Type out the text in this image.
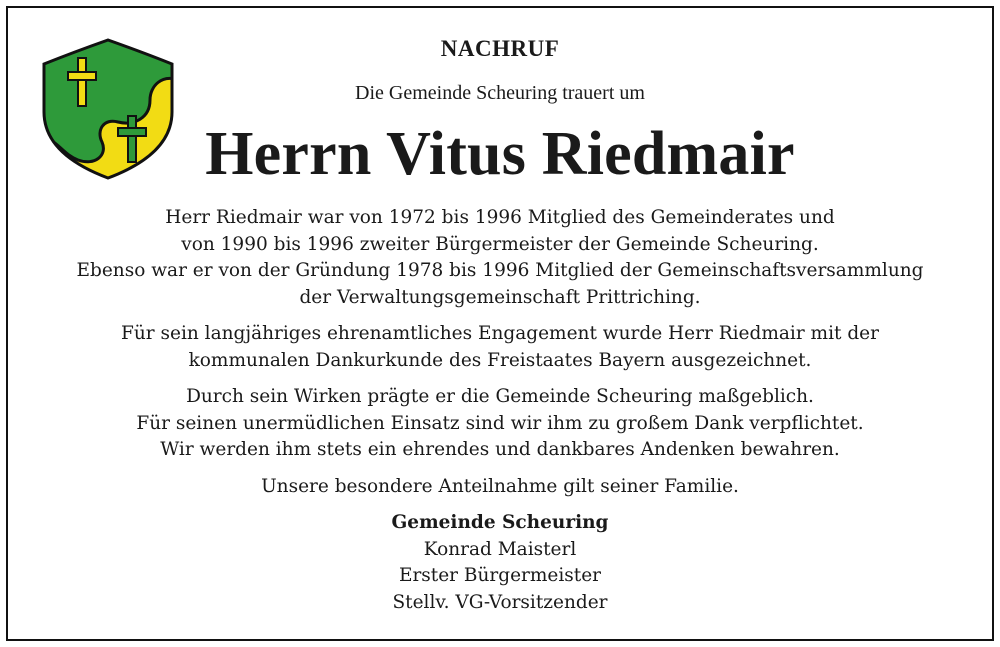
NACHRUF
Die Gemeinde Scheuring trauert um
Herrn Vitus Riedmair

Herr Riedmair war von 1972 bis 1996 Mitglied des Gemeinderates und
von 1990 bis 1996 zweiter Bürgermeister der Gemeinde Scheuring.
Ebenso war er von der Gründung 1978 bis 1996 Mitglied der Gemeinschaftsversammlung
der Verwaltungsgemeinschaft Prittriching.

Für sein langjähriges ehrenamtliches Engagement wurde Herr Riedmair mit der
kommunalen Dankurkunde des Freistaates Bayern ausgezeichnet.

Durch sein Wirken prägte er die Gemeinde Scheuring maßgeblich.
Für seinen unermüdlichen Einsatz sind wir ihm zu großem Dank verpflichtet.
Wir werden ihm stets ein ehrendes und dankbares Andenken bewahren.

Unsere besondere Anteilnahme gilt seiner Familie.

Gemeinde Scheuring
Konrad Maisterl
Erster Bürgermeister
Stellv. VG-Vorsitzender
